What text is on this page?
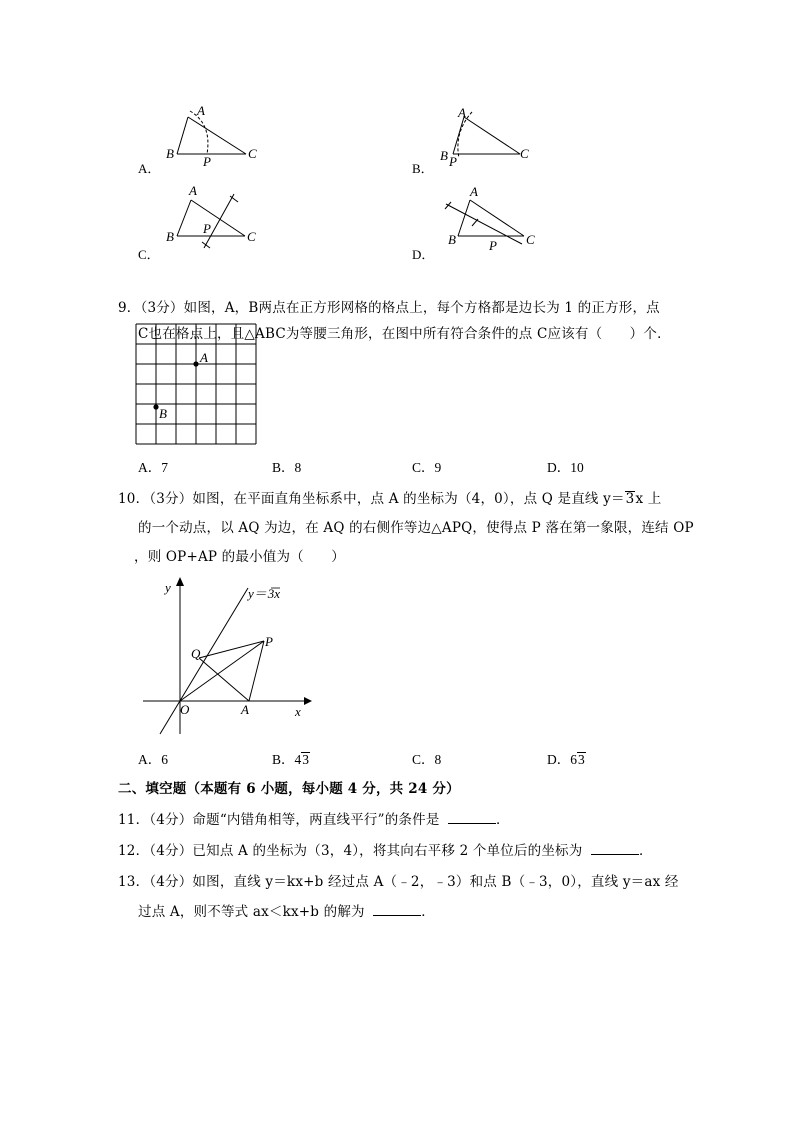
A．
A
B
P
C
B．
A
B P
C
C．
A
B
P
C
D．
A
B	P C
9．（3分）如图，A，B两点在正方形网格的格点上，每个方格都是边长为 1 的正方形，点
C也在格点上，且△ABC为等腰三角形，在图中所有符合条件的点 C应该有（　　）个．
A
B
A．7	B．8	C．9	D．10
10．（3分）如图，在平面直角坐标系中，点 A 的坐标为（4，0），点 Q 是直线 y＝3x 上
的一个动点，以 AQ 为边，在 AQ 的右侧作等边△APQ，使得点 P 落在第一象限，连结 OP
，则 OP+AP 的最小值为（　　）
y
x
O
Q
P
A
y＝3x
A．6	B．43	C．8	D．63
二、填空题（本题有 6 小题，每小题 4 分，共 24 分）
11．（4分）命题“内错角相等，两直线平行”的条件是	．
12．（4分）已知点 A 的坐标为（3，4），将其向右平移 2 个单位后的坐标为	．
13．（4分）如图，直线 y＝kx+b 经过点 A（﹣2，﹣3）和点 B（﹣3，0），直线 y＝ax 经
过点 A，则不等式 ax＜kx+b 的解为	．
